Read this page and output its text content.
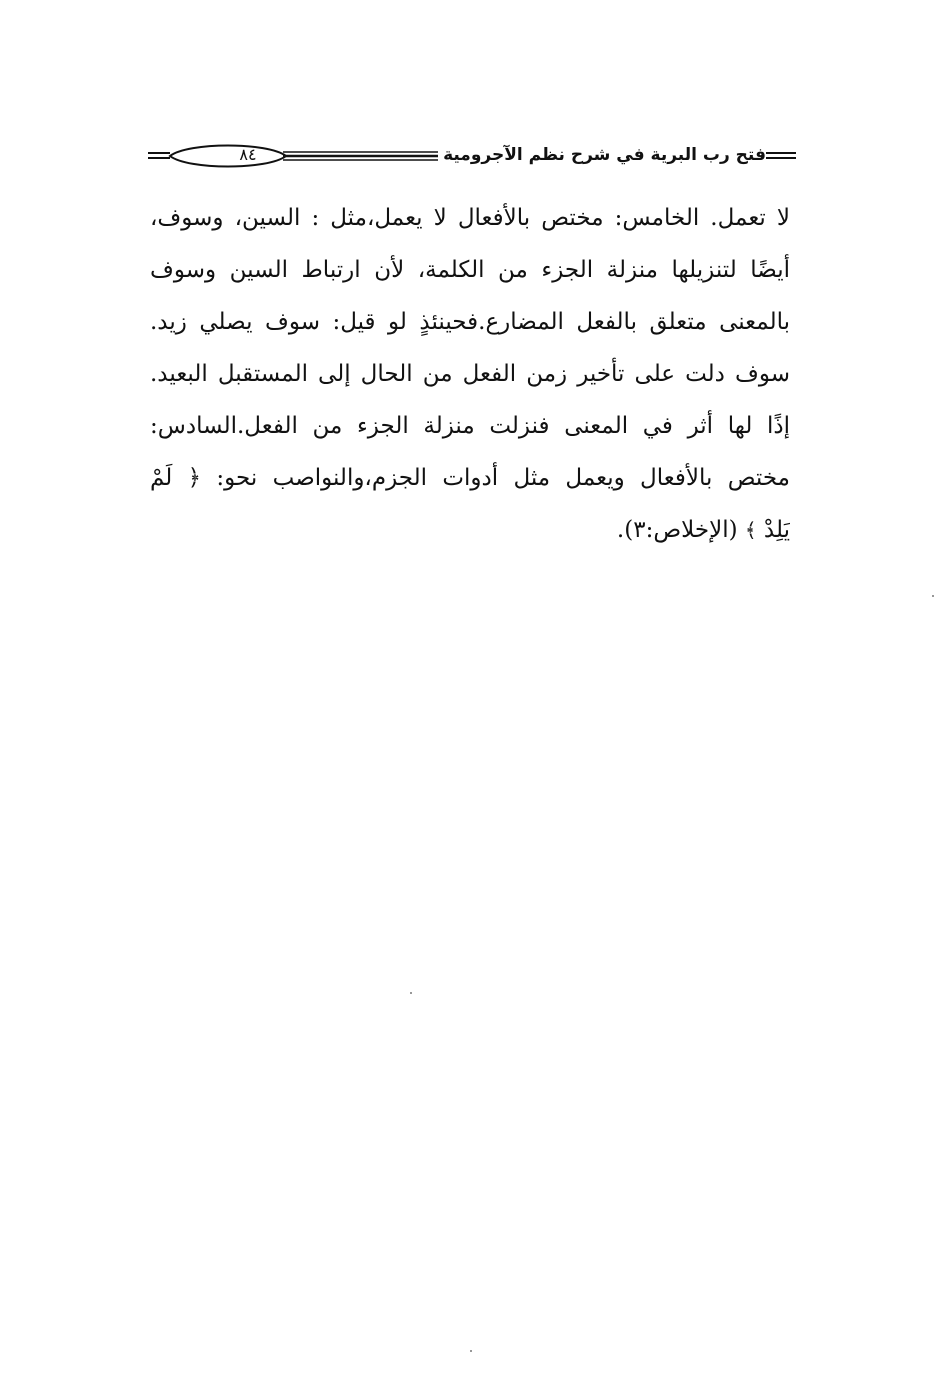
فتح رب البرية في شرح نظم الآجرومية
٨٤
لا تعمل. الخامس: مختص بالأفعال لا يعمل،مثل : السين، وسوف،
أيضًا لتنزيلها منزلة الجزء من الكلمة، لأن ارتباط السين وسوف
بالمعنى متعلق بالفعل المضارع.فحينئذٍ لو قيل: سوف يصلي زيد.
سوف دلت على تأخير زمن الفعل من الحال إلى المستقبل البعيد.
إذًا لها أثر في المعنى فنزلت منزلة الجزء من الفعل.السادس:
مختص بالأفعال ويعمل مثل أدوات الجزم،والنواصب نحو: ﴿ لَمْ
يَلِدْ ﴾ (الإخلاص:٣).
